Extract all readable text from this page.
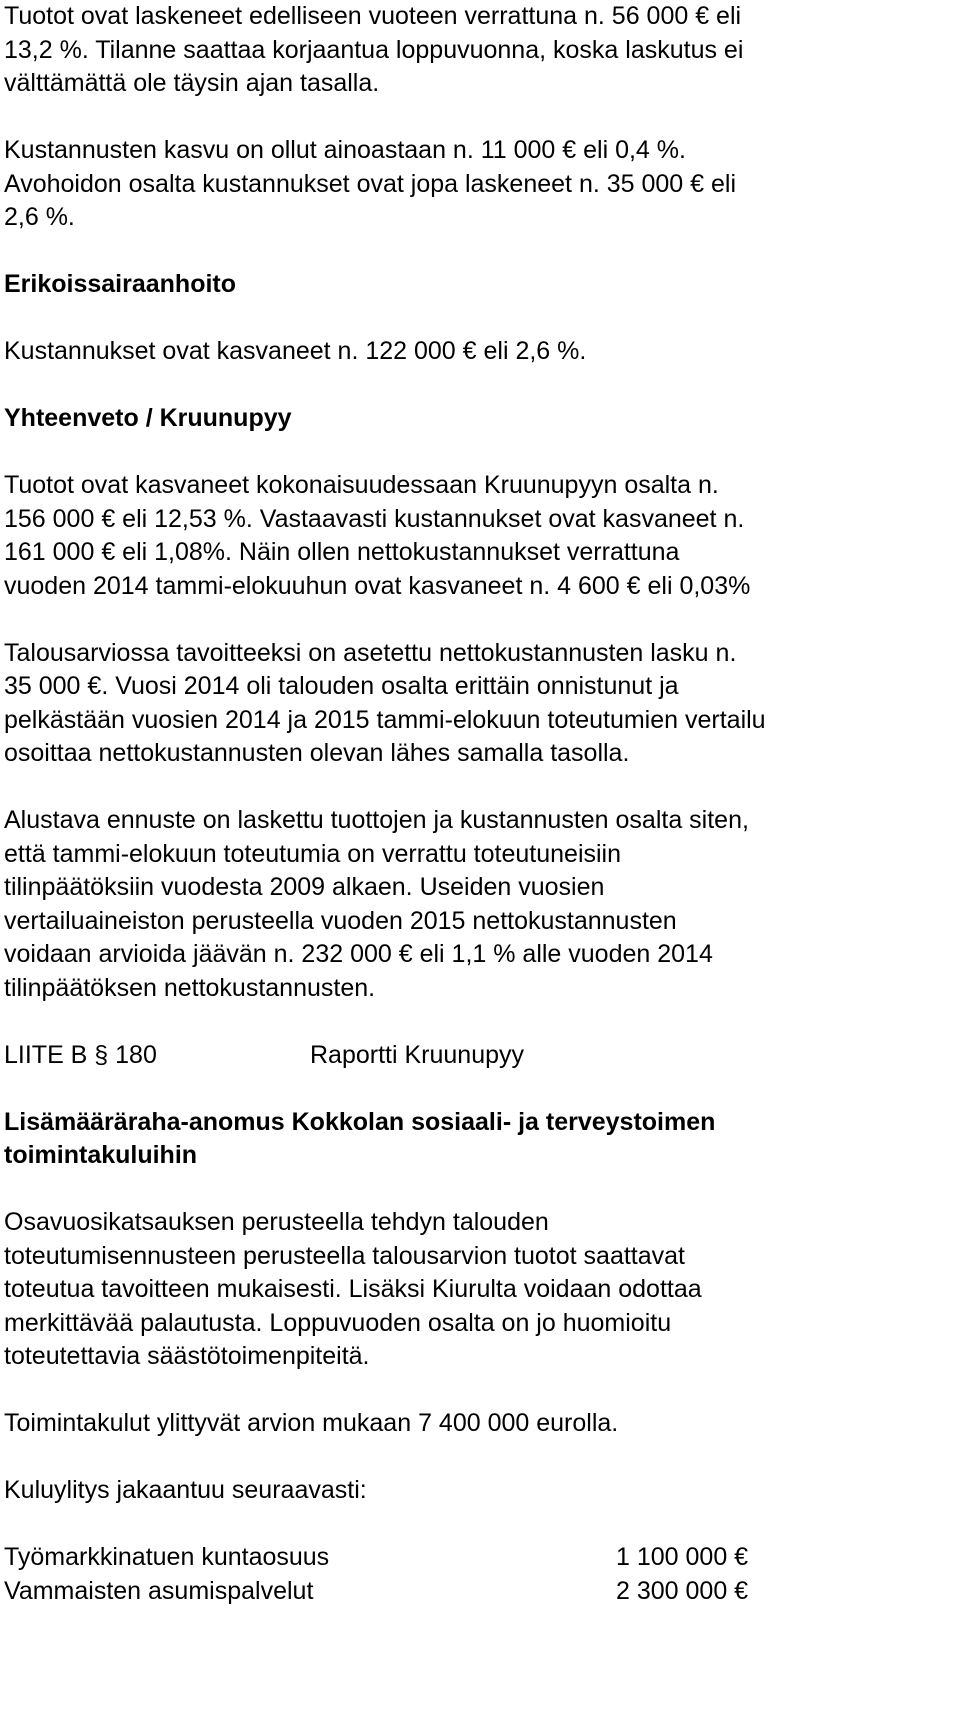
Tuotot ovat laskeneet edelliseen vuoteen verrattuna n. 56 000 € eli
13,2 %. Tilanne saattaa korjaantua loppuvuonna, koska laskutus ei
välttämättä ole täysin ajan tasalla.
Kustannusten kasvu on ollut ainoastaan n. 11 000 € eli 0,4 %.
Avohoidon osalta kustannukset ovat jopa laskeneet n. 35 000 € eli
2,6 %.
Erikoissairaanhoito
Kustannukset ovat kasvaneet n. 122 000 € eli 2,6 %.
Yhteenveto / Kruunupyy
Tuotot ovat kasvaneet kokonaisuudessaan Kruunupyyn osalta n.
156 000 € eli 12,53 %. Vastaavasti kustannukset ovat kasvaneet n.
161 000 € eli 1,08%. Näin ollen nettokustannukset verrattuna
vuoden 2014 tammi-elokuuhun ovat kasvaneet n. 4 600 € eli 0,03%
Talousarviossa tavoitteeksi on asetettu nettokustannusten lasku n.
35 000 €. Vuosi 2014 oli talouden osalta erittäin onnistunut ja
pelkästään vuosien 2014 ja 2015 tammi-elokuun toteutumien vertailu
osoittaa nettokustannusten olevan lähes samalla tasolla.
Alustava ennuste on laskettu tuottojen ja kustannusten osalta siten,
että tammi-elokuun toteutumia on verrattu toteutuneisiin
tilinpäätöksiin vuodesta 2009 alkaen. Useiden vuosien
vertailuaineiston perusteella vuoden 2015 nettokustannusten
voidaan arvioida jäävän n. 232 000 € eli 1,1 % alle vuoden 2014
tilinpäätöksen nettokustannusten.
LIITE B § 180	Raportti Kruunupyy
Lisämääräraha-anomus Kokkolan sosiaali- ja terveystoimen
toimintakuluihin
Osavuosikatsauksen perusteella tehdyn talouden
toteutumisennusteen perusteella talousarvion tuotot saattavat
toteutua tavoitteen mukaisesti. Lisäksi Kiurulta voidaan odottaa
merkittävää palautusta. Loppuvuoden osalta on jo huomioitu
toteutettavia säästötoimenpiteitä.
Toimintakulut ylittyvät arvion mukaan 7 400 000 eurolla.
Kuluylitys jakaantuu seuraavasti:
Työmarkkinatuen kuntaosuus	1 100 000 €
Vammaisten asumispalvelut	2 300 000 €
